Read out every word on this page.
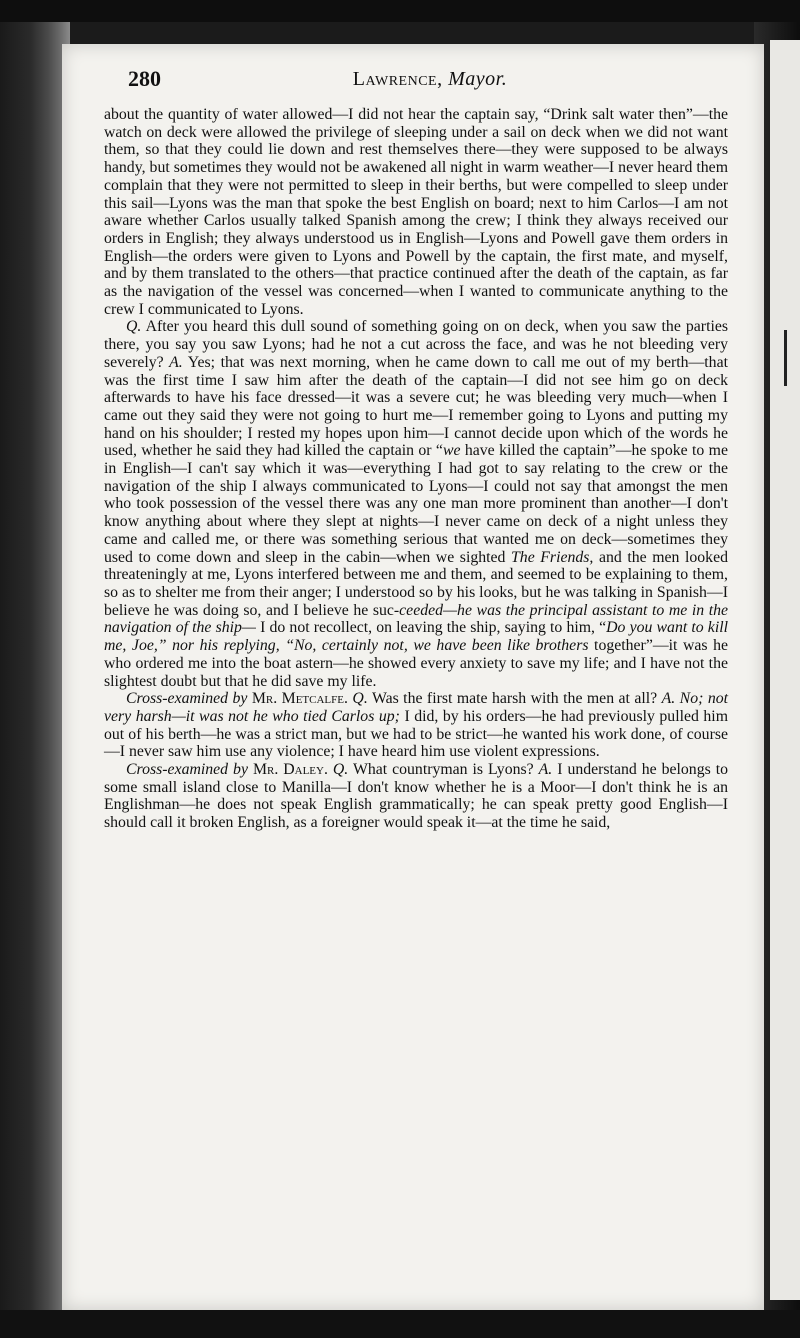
280	Lawrence, Mayor.

about the quantity of water allowed—I did not hear the captain say, “Drink salt water then”—the watch on deck were allowed the privilege of sleeping under a sail on deck when we did not want them, so that they could lie down and rest themselves there—they were supposed to be always handy, but sometimes they would not be awakened all night in warm weather—I never heard them complain that they were not permitted to sleep in their berths, but were compelled to sleep under this sail—Lyons was the man that spoke the best English on board; next to him Carlos—I am not aware whether Carlos usually talked Spanish among the crew; I think they always received our orders in English; they always understood us in English—Lyons and Powell gave them orders in English—the orders were given to Lyons and Powell by the captain, the first mate, and myself, and by them translated to the others—that practice continued after the death of the captain, as far as the navigation of the vessel was concerned—when I wanted to communicate anything to the crew I communicated to Lyons.

Q. After you heard this dull sound of something going on on deck, when you saw the parties there, you say you saw Lyons; had he not a cut across the face, and was he not bleeding very severely? A. Yes; that was next morning, when he came down to call me out of my berth—that was the first time I saw him after the death of the captain—I did not see him go on deck afterwards to have his face dressed—it was a severe cut; he was bleeding very much—when I came out they said they were not going to hurt me—I remember going to Lyons and putting my hand on his shoulder; I rested my hopes upon him—I cannot decide upon which of the words he used, whether he said they had killed the captain or “we have killed the captain”—he spoke to me in English—I can't say which it was—everything I had got to say relating to the crew or the navigation of the ship I always communicated to Lyons—I could not say that amongst the men who took possession of the vessel there was any one man more prominent than another—I don't know anything about where they slept at nights—I never came on deck of a night unless they came and called me, or there was something serious that wanted me on deck—sometimes they used to come down and sleep in the cabin—when we sighted The Friends, and the men looked threateningly at me, Lyons interfered between me and them, and seemed to be explaining to them, so as to shelter me from their anger; I understood so by his looks, but he was talking in Spanish—I believe he was doing so, and I believe he suc-ceeded—he was the principal assistant to me in the navigation of the ship— I do not recollect, on leaving the ship, saying to him, “Do you want to kill me, Joe,” nor his replying, “No, certainly not, we have been like brothers together”—it was he who ordered me into the boat astern—he showed every anxiety to save my life; and I have not the slightest doubt but that he did save my life.

Cross-examined by Mr. Metcalfe. Q. Was the first mate harsh with the men at all? A. No; not very harsh—it was not he who tied Carlos up; I did, by his orders—he had previously pulled him out of his berth—he was a strict man, but we had to be strict—he wanted his work done, of course—I never saw him use any violence; I have heard him use violent expressions.

Cross-examined by Mr. Daley. Q. What countryman is Lyons? A. I understand he belongs to some small island close to Manilla—I don't know whether he is a Moor—I don't think he is an Englishman—he does not speak English grammatically; he can speak pretty good English—I should call it broken English, as a foreigner would speak it—at the time he said,
